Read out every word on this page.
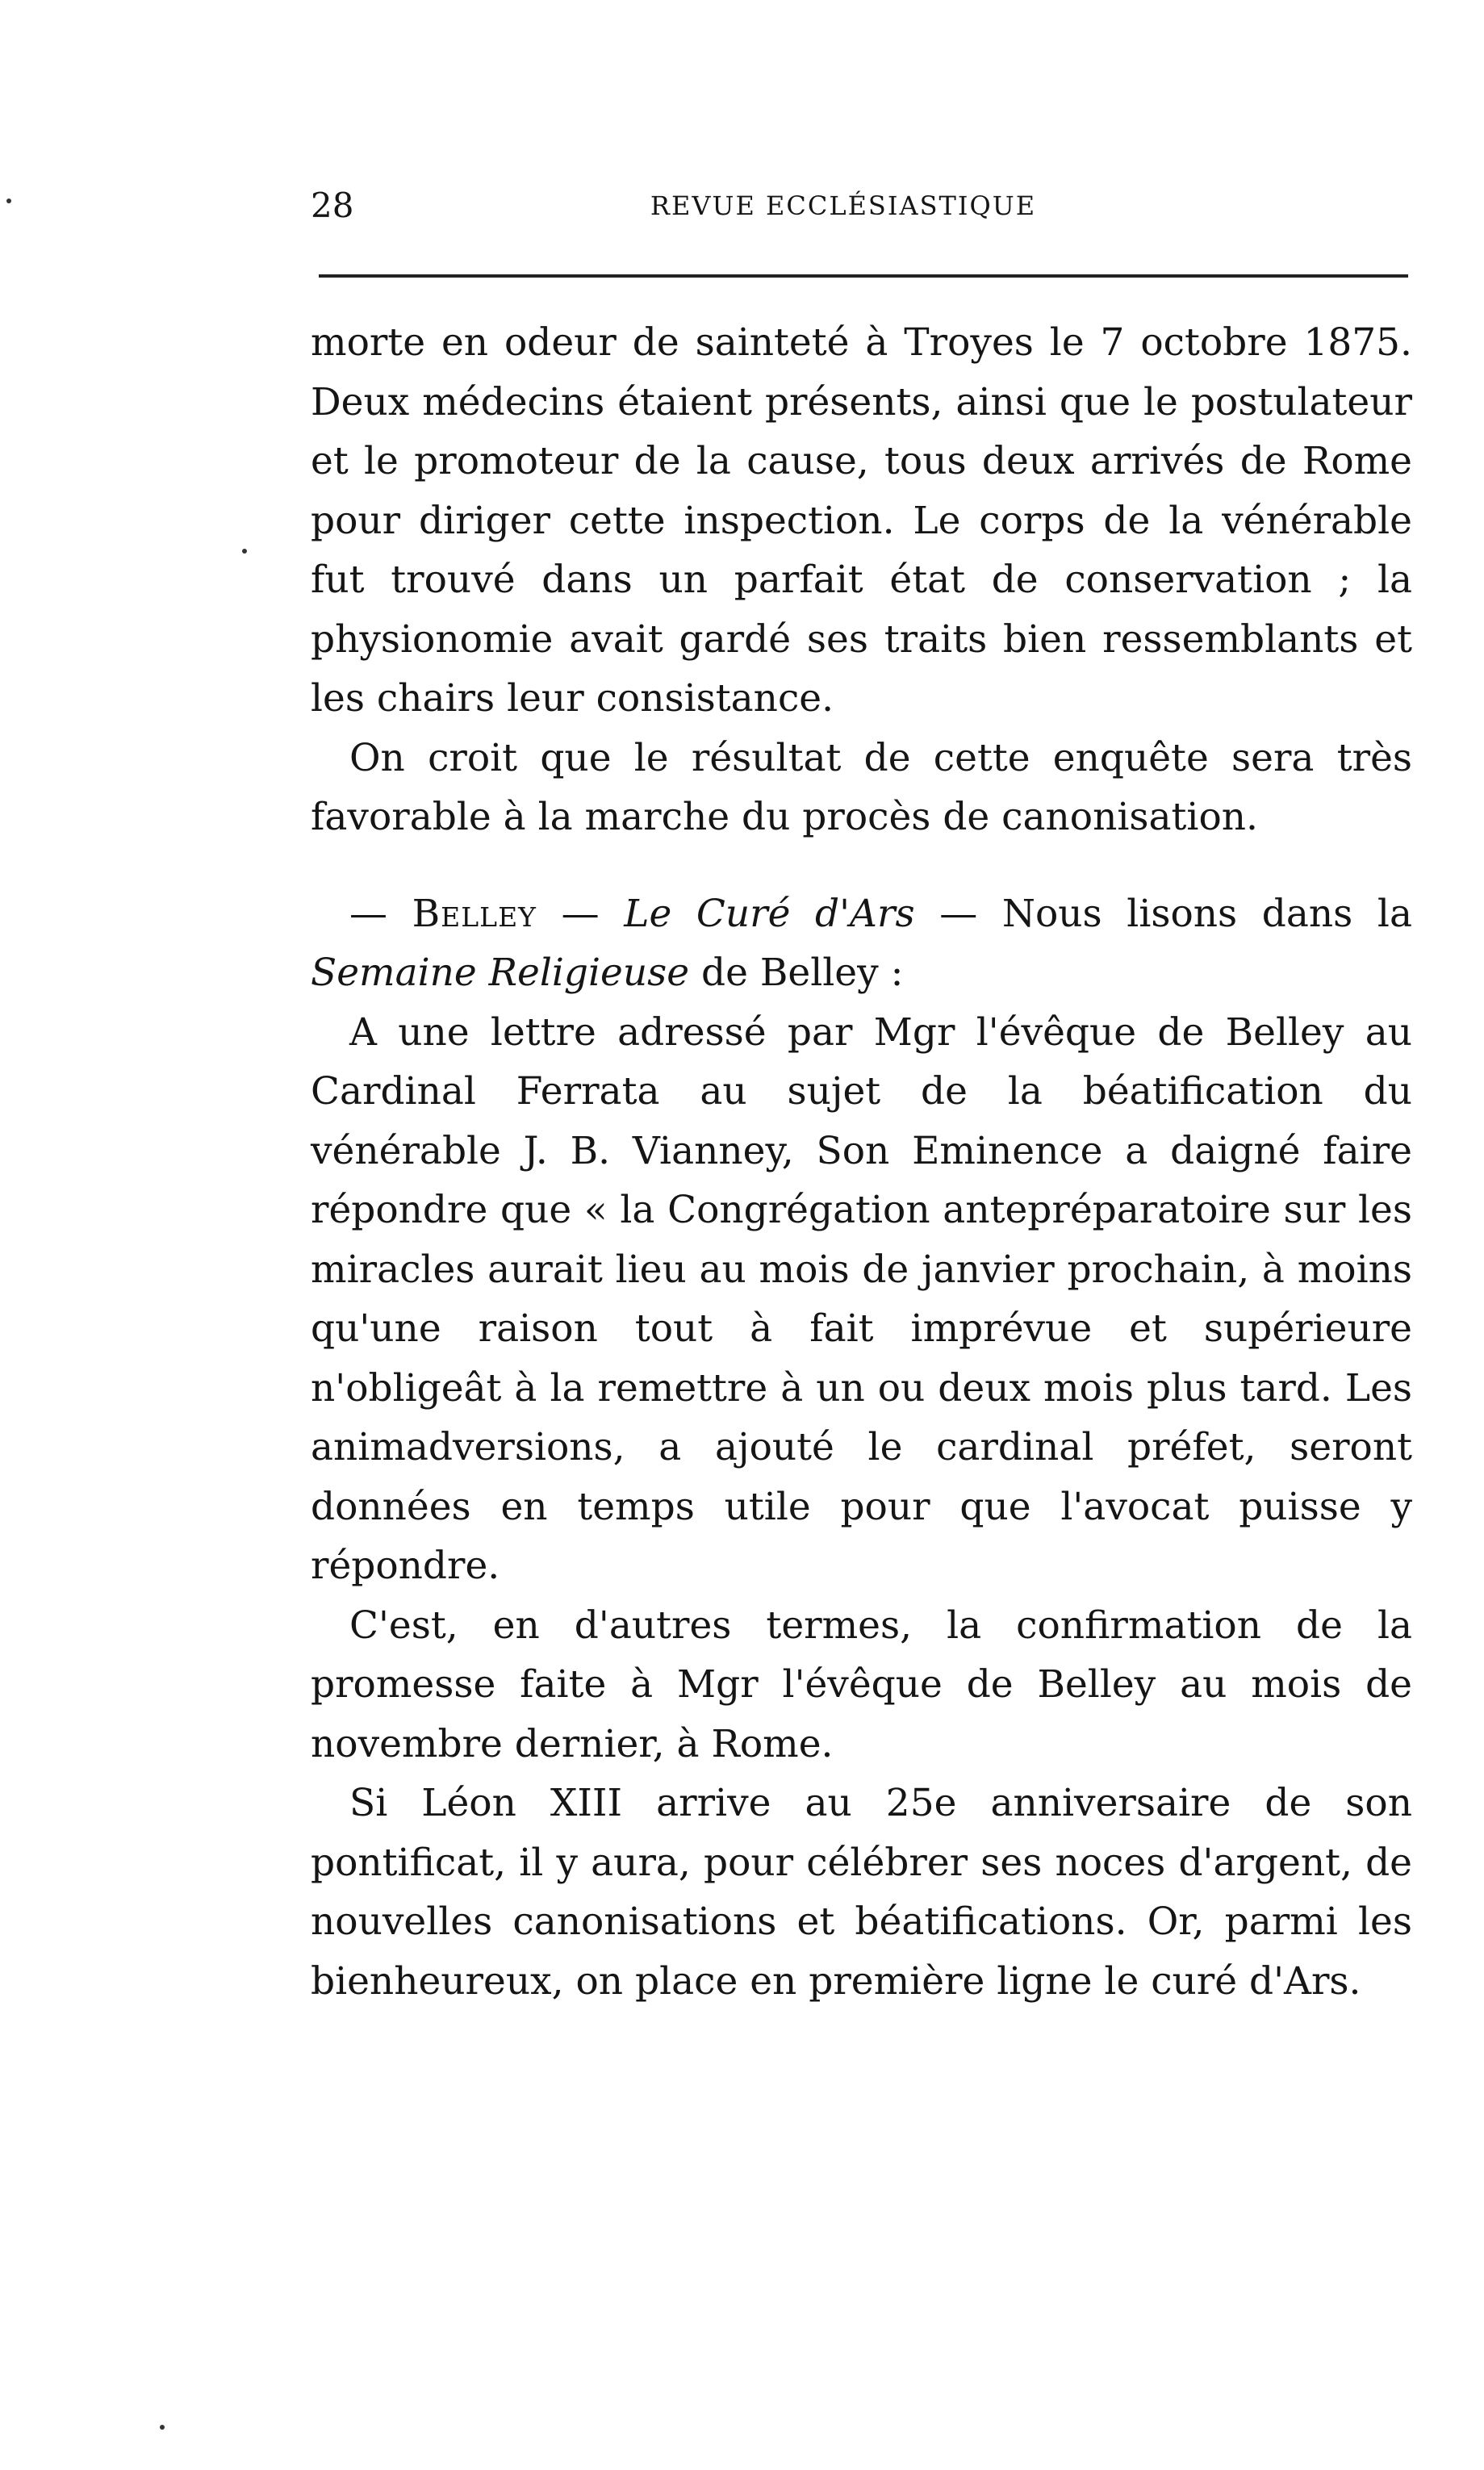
28	REVUE ECCLÉSIASTIQUE

morte en odeur de sainteté à Troyes le 7 octobre 1875. Deux médecins étaient présents, ainsi que le postulateur et le promoteur de la cause, tous deux arrivés de Rome pour diriger cette inspection. Le corps de la vénérable fut trouvé dans un parfait état de conservation ; la physionomie avait gardé ses traits bien ressemblants et les chairs leur consistance.

On croit que le résultat de cette enquête sera très favorable à la marche du procès de canonisation.

— Belley — Le Curé d'Ars — Nous lisons dans la Semaine Religieuse de Belley :

A une lettre adressé par Mgr l'évêque de Belley au Cardinal Ferrata au sujet de la béatification du vénérable J. B. Vianney, Son Eminence a daigné faire répondre que « la Congrégation antepréparatoire sur les miracles aurait lieu au mois de janvier prochain, à moins qu'une raison tout à fait imprévue et supérieure n'obligeât à la remettre à un ou deux mois plus tard. Les animadversions, a ajouté le cardinal préfet, seront données en temps utile pour que l'avocat puisse y répondre.

C'est, en d'autres termes, la confirmation de la promesse faite à Mgr l'évêque de Belley au mois de novembre dernier, à Rome.

Si Léon XIII arrive au 25e anniversaire de son pontificat, il y aura, pour célébrer ses noces d'argent, de nouvelles canonisations et béatifications. Or, parmi les bienheureux, on place en première ligne le curé d'Ars.
